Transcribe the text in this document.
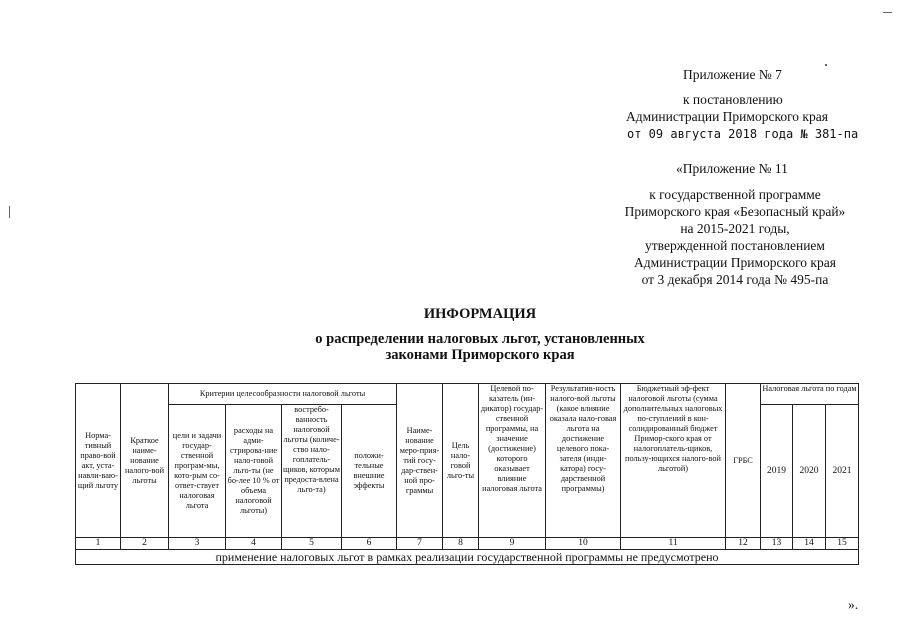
Приложение № 7
к постановлению
Администрации Приморского края
от 09 августа 2018 года № 381-па
«Приложение № 11
к государственной программе
Приморского края «Безопасный край»
на 2015-2021 годы,
утвержденной постановлением
Администрации Приморского края
от 3 декабря 2014 года № 495-па
ИНФОРМАЦИЯ
о распределении налоговых льгот, установленных
законами Приморского края
Норма-тивный право-вой акт, уста-навли-ваю-щий льготу	Краткое наиме-нование налого-вой льготы	Критерии целесообразности налоговой льготы				Наиме-нование меро-прия-тий госу-дар-ствен-ной про-граммы	Цель нало-говой льго-ты	Целевой по-казатель (ин-дикатор) государ-ственной программы, на значение (достижение) которого оказывает влияние налоговая льгота	Результатив-ность налого-вой льготы (какое влияние оказала нало-говая льгота на достижение целевого пока-зателя (инди-катора) госу-дарственной программы)	Бюджетный эф-фект налоговой льготы (сумма дополнительных налоговых по-ступлений в кон-солидированный бюджет Примор-ского края от налогоплатель-щиков, пользу-ющихся налого-вой льготой)	ГРБС	Налоговая льгота по годам		
		цели и задачи государ-ственной програм-мы, кото-рым со-ответ-ствует налоговая льгота	расходы на адми-стрирова-ние нало-говой льго-ты (не бо-лее 10 % от объема налоговой льготы)	востребо-ванность налоговой льготы (количе-ство нало-гоплатель-щиков, которым предоста-влена льго-та)	положи-тельные внешние эффекты							2019	2020	2021
1	2	3	4	5	6	7	8	9	10	11	12	13	14	15
применение налоговых льгот в рамках реализации государственной программы не предусмотрено														
».
